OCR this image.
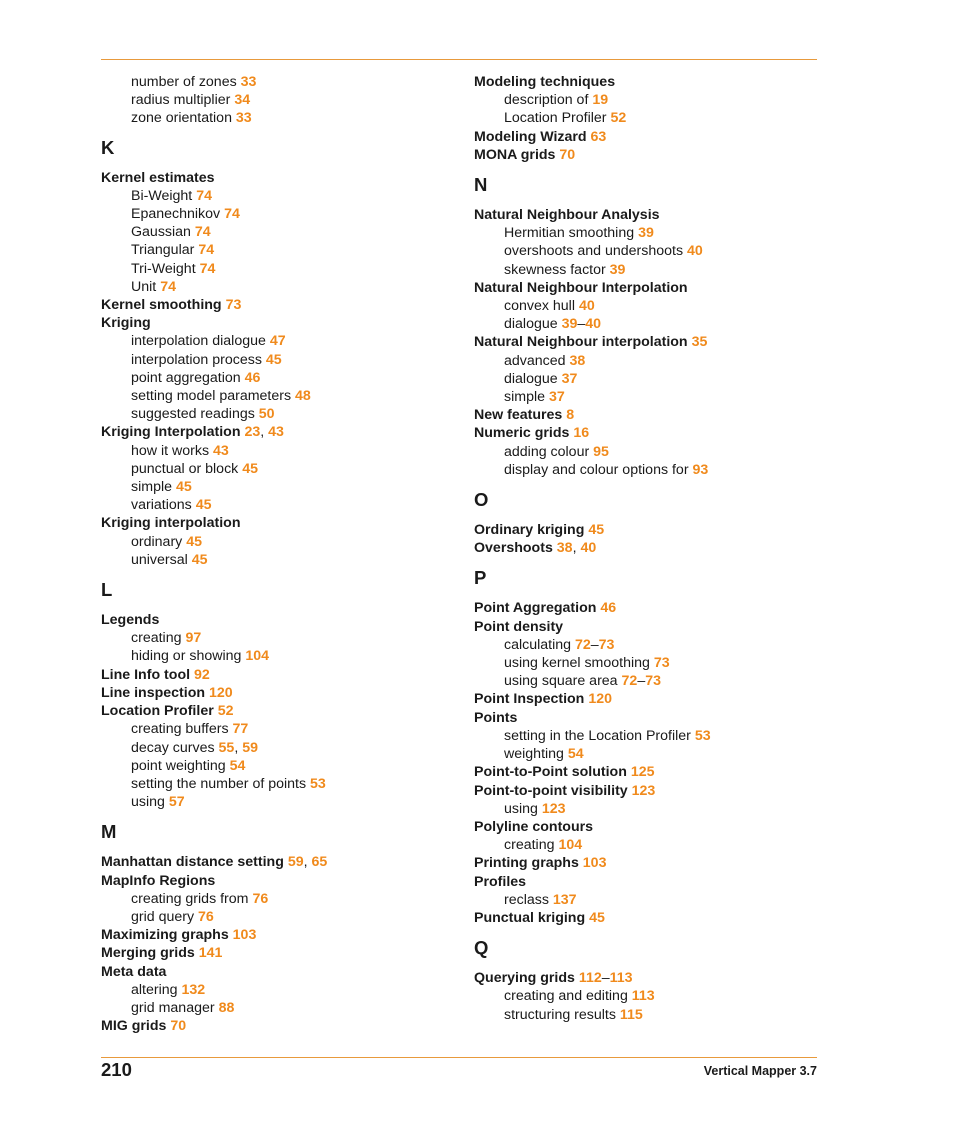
number of zones 33
radius multiplier 34
zone orientation 33
K
Kernel estimates
Bi-Weight 74
Epanechnikov 74
Gaussian 74
Triangular 74
Tri-Weight 74
Unit 74
Kernel smoothing 73
Kriging
interpolation dialogue 47
interpolation process 45
point aggregation 46
setting model parameters 48
suggested readings 50
Kriging Interpolation 23, 43
how it works 43
punctual or block 45
simple 45
variations 45
Kriging interpolation
ordinary 45
universal 45
L
Legends
creating 97
hiding or showing 104
Line Info tool 92
Line inspection 120
Location Profiler 52
creating buffers 77
decay curves 55, 59
point weighting 54
setting the number of points 53
using 57
M
Manhattan distance setting 59, 65
MapInfo Regions
creating grids from 76
grid query 76
Maximizing graphs 103
Merging grids 141
Meta data
altering 132
grid manager 88
MIG grids 70
Modeling techniques
description of 19
Location Profiler 52
Modeling Wizard 63
MONA grids 70
N
Natural Neighbour Analysis
Hermitian smoothing 39
overshoots and undershoots 40
skewness factor 39
Natural Neighbour Interpolation
convex hull 40
dialogue 39–40
Natural Neighbour interpolation 35
advanced 38
dialogue 37
simple 37
New features 8
Numeric grids 16
adding colour 95
display and colour options for 93
O
Ordinary kriging 45
Overshoots 38, 40
P
Point Aggregation 46
Point density
calculating 72–73
using kernel smoothing 73
using square area 72–73
Point Inspection 120
Points
setting in the Location Profiler 53
weighting 54
Point-to-Point solution 125
Point-to-point visibility 123
using 123
Polyline contours
creating 104
Printing graphs 103
Profiles
reclass 137
Punctual kriging 45
Q
Querying grids 112–113
creating and editing 113
structuring results 115
210	Vertical Mapper 3.7
